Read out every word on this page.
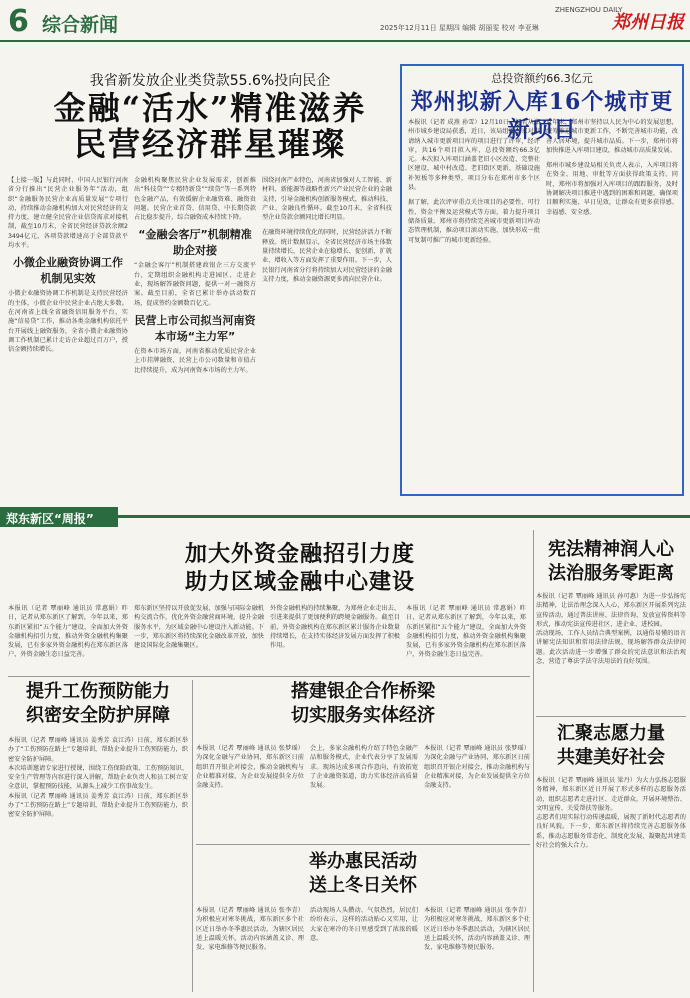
6 综合新闻	2025年12月11日 星期四 编辑 胡丽雯 校对 李亚琳
ZHENGZHOU DAILY
郑州日报
我省新发放企业类贷款55.6%投向民企
金融“活水”精准滋养
民营经济群星璀璨
【上接一版】与此同时，中国人民银行河南省分行推出“民营企业服务年”活动，组织“金融服务民营企业高质量发展”专项行动，持续推动金融机构加大对民营经济的支持力度，建立健全民营企业信贷需求对接机制，截至10月末，全省民营经济贷款余额23494亿元，各项贷款增速高于全部贷款平均水平。
小微企业融资协调工作机制见实效
小微企业融资协调工作机制是支持民营经济的主体，小微企业中民营企业占绝大多数。在河南省上线全省融资信用服务平台，实施“信易贷”工作，推动各类金融机构依托平台开展线上融资服务，全省小微企业融资协调工作机制已累计走访企业超过百万户，授信金额持续增长。
金融机构聚焦民营企业发展需求，创新推出“科技贷”“专精特新贷”“续贷”等一系列特色金融产品，有效缓解企业融资难、融资贵问题。民营企业首贷、信用贷、中长期贷款占比稳步提升，综合融资成本持续下降。
“金融会客厅”机制精准助企对接
“金融会客厅”机制搭建政银企三方交流平台，定期组织金融机构走进园区、走进企业，现场解答融资问题，提供一对一融资方案。截至目前，全省已累计举办活动数百场，促成签约金额数百亿元。
民营上市公司拟当河南资本市场“主力军”
在资本市场方面，河南省推动优质民营企业上市挂牌融资，民营上市公司数量和市值占比持续提升，成为河南资本市场的主力军。
围绕河南产业特色，河南省加强对人工智能、新材料、新能源等战略性新兴产业民营企业的金融支持，引导金融机构创新服务模式，推动科技、产业、金融良性循环。截至10月末，全省科技型企业贷款余额同比增长明显。
在融资环境持续优化的同时，民营经济活力不断释放。统计数据显示，全省民营经济市场主体数量持续增长，民营企业在稳增长、促创新、扩就业、增收入等方面发挥了重要作用。下一步，人民银行河南省分行将持续加大对民营经济的金融支持力度，推动金融资源更多流向民营企业。
总投资额约66.3亿元
郑州拟新入库16个城市更新项目
本报讯（记者 成燕 孙雪）12月10日，记者从郑州市城乡建设局获悉，近日，该局组织专家对申请纳入城市更新项目库的项目进行了评审，经评审，共16个项目拟入库，总投资额约66.3亿元。本次拟入库项目涵盖老旧小区改造、完整社区建设、城中村改造、老旧街区更新、基础设施补短板等多种类型，项目分布在郑州市多个区县。
据了解，此次评审重点关注项目的必要性、可行性、资金平衡及运营模式等方面，着力提升项目储备质量。郑州市将持续完善城市更新项目库动态管理机制，推动项目滚动实施，加快形成一批可复制可推广的城市更新经验。
近年来，郑州市坚持以人民为中心的发展思想，统筹推进城市更新工作，不断完善城市功能，改善人居环境，提升城市品质。下一步，郑州市将加快推进入库项目建设，推动城市高质量发展。
郑州市城乡建设局相关负责人表示，入库项目将在资金、用地、审批等方面获得政策支持。同时，郑州市将加强对入库项目的跟踪服务，及时协调解决项目推进中遇到的困难和问题，确保项目顺利实施、早日见效，让群众有更多获得感、幸福感、安全感。
郑东新区“周报”
加大外资金融招引力度
助力区域金融中心建设
本报讯（记者 覃丽峰 通讯员 常惠娟）昨日，记者从郑东新区了解到，今年以来，郑东新区紧扣“五个能力”建设，全面加大外资金融机构招引力度，推动外资金融机构集聚发展，已有多家外资金融机构在郑东新区落户，外资金融生态日益完善。
郑东新区坚持以开放促发展，加强与国际金融机构交流合作，优化外资金融营商环境，提升金融服务水平，为区域金融中心建设注入新动能。下一步，郑东新区将持续深化金融改革开放，加快建设国际化金融集聚区。
外资金融机构的持续集聚，为郑州企业走出去、引进来提供了更加便利的跨境金融服务。截至目前，外资金融机构在郑东新区累计服务企业数量持续增长，在支持实体经济发展方面发挥了积极作用。
本报讯（记者 覃丽峰 通讯员 常惠娟）昨日，记者从郑东新区了解到，今年以来，郑东新区紧扣“五个能力”建设，全面加大外资金融机构招引力度，推动外资金融机构集聚发展，已有多家外资金融机构在郑东新区落户，外资金融生态日益完善。
宪法精神润人心
法治服务零距离
本报讯（记者 覃丽峰 通讯员 孙可惠）为进一步弘扬宪法精神，让法治理念深入人心，郑东新区开展系列宪法宣传活动，通过普法讲座、法律咨询、发放宣传资料等形式，推动宪法宣传进社区、进企业、进校园。
活动现场，工作人员结合典型案例，以通俗易懂的语言讲解宪法知识和常用法律法规，现场解答群众法律问题。此次活动进一步增强了群众的宪法意识和法治观念，营造了尊法学法守法用法的良好氛围。
提升工伤预防能力
织密安全防护屏障
本报讯（记者 覃丽峰 通讯员 姜秀芳 袁江涛）日前，郑东新区举办了“工伤预防在路上”专题培训，帮助企业提升工伤预防能力，织密安全防护屏障。
本次培训邀请专家进行授课，围绕工伤保险政策、工伤预防知识、安全生产管理等内容进行深入讲解，帮助企业负责人和员工树立安全意识，掌握预防技能，从源头上减少工伤事故发生。
本报讯（记者 覃丽峰 通讯员 姜秀芳 袁江涛）日前，郑东新区举办了“工伤预防在路上”专题培训，帮助企业提升工伤预防能力，织密安全防护屏障。
搭建银企合作桥梁
切实服务实体经济
本报讯（记者 覃丽峰 通讯员 张梦瑶）为深化金融与产业协同，郑东新区日前组织召开银企对接会，推动金融机构与企业精准对接，为企业发展提供全方位金融支持。
会上，多家金融机构介绍了特色金融产品和服务模式，企业代表分享了发展需求。现场达成多项合作意向，有效拓宽了企业融资渠道，助力实体经济高质量发展。
本报讯（记者 覃丽峰 通讯员 张梦瑶）为深化金融与产业协同，郑东新区日前组织召开银企对接会，推动金融机构与企业精准对接，为企业发展提供全方位金融支持。
汇聚志愿力量
共建美好社会
本报讯（记者 覃丽峰 通讯员 梁丹）为大力弘扬志愿服务精神，郑东新区近日开展了形式多样的志愿服务活动，组织志愿者走进社区、走近群众，开展环境整治、文明宣传、关爱帮扶等服务。
志愿者们用实际行动传递温暖，展现了新时代志愿者的良好风貌。下一步，郑东新区将持续完善志愿服务体系，推动志愿服务常态化、制度化发展，凝聚起共建美好社会的强大合力。
举办惠民活动
送上冬日关怀
本报讯（记者 覃丽峰 通讯员 张李青）为积极应对寒冬挑战，郑东新区多个社区近日举办冬季惠民活动，为辖区居民送上温暖关怀，活动内容涵盖义诊、理发、家电维修等便民服务。
活动现场人头攒动、气氛热烈，居民们纷纷表示，这样的活动贴心又实用，让大家在寒冷的冬日里感受到了浓浓的暖意。
本报讯（记者 覃丽峰 通讯员 张李青）为积极应对寒冬挑战，郑东新区多个社区近日举办冬季惠民活动，为辖区居民送上温暖关怀，活动内容涵盖义诊、理发、家电维修等便民服务。
